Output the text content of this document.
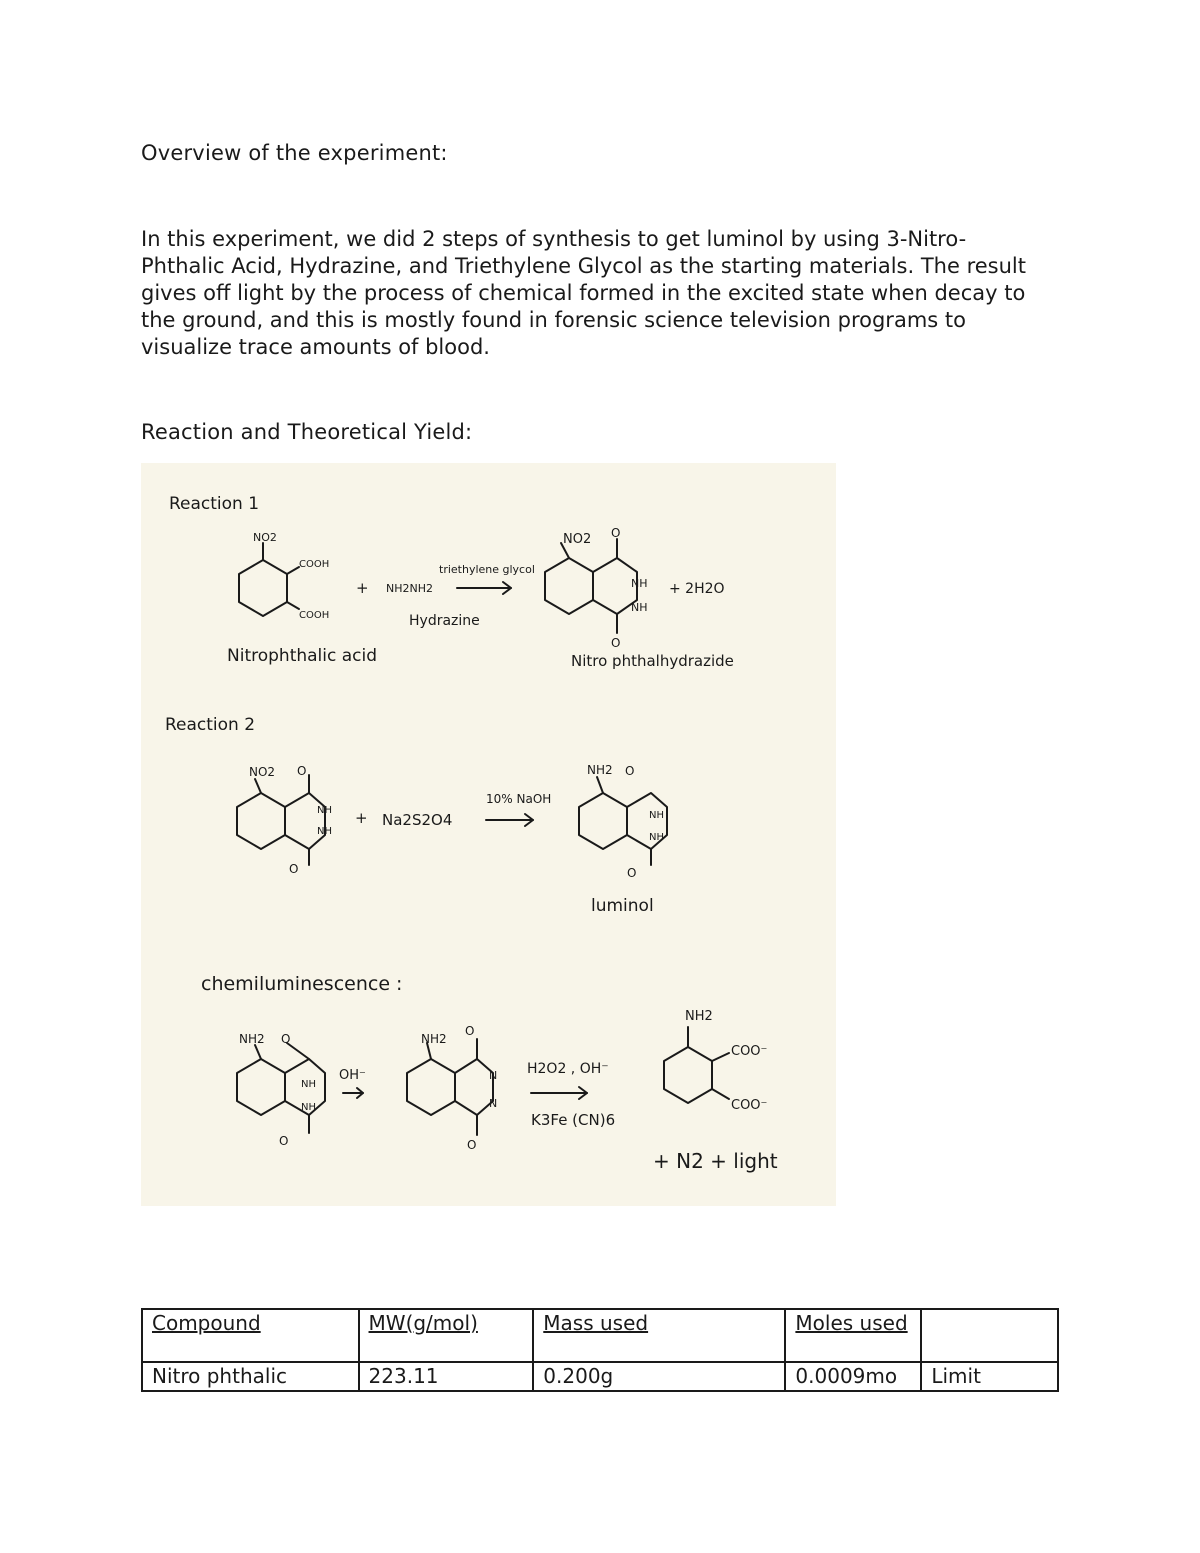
Overview of the experiment:
In this experiment, we did 2 steps of synthesis to get luminol by using 3-Nitro-
Phthalic Acid, Hydrazine, and Triethylene Glycol as the starting materials. The result
gives off light by the process of chemical formed in the excited state when decay to
the ground, and this is mostly found in forensic science television programs to
visualize trace amounts of blood.
Reaction and Theoretical Yield:
Reaction 1
NO2
COOH
COOH
+ NH2NH2
triethylene glycol
Hydrazine
Nitrophthalic acid
NO2 O
NH
NH
O
+ 2H2O
Nitro phthalhydrazide
Reaction 2
NO2 O
NH
NH
O
+ Na2S2O4
10% NaOH
NH2 O
NH
NH
O
luminol
chemiluminescence :
NH2 O
NH
NH
O
OH⁻
NH2
O
N
N
O
H2O2 , OH⁻
K3Fe (CN)6
NH2
COO⁻
COO⁻
+ N2 + light
Compound	MW(g/mol)	Mass used	Moles used	
Nitro phthalic	223.11	0.200g	0.0009mo	Limit
